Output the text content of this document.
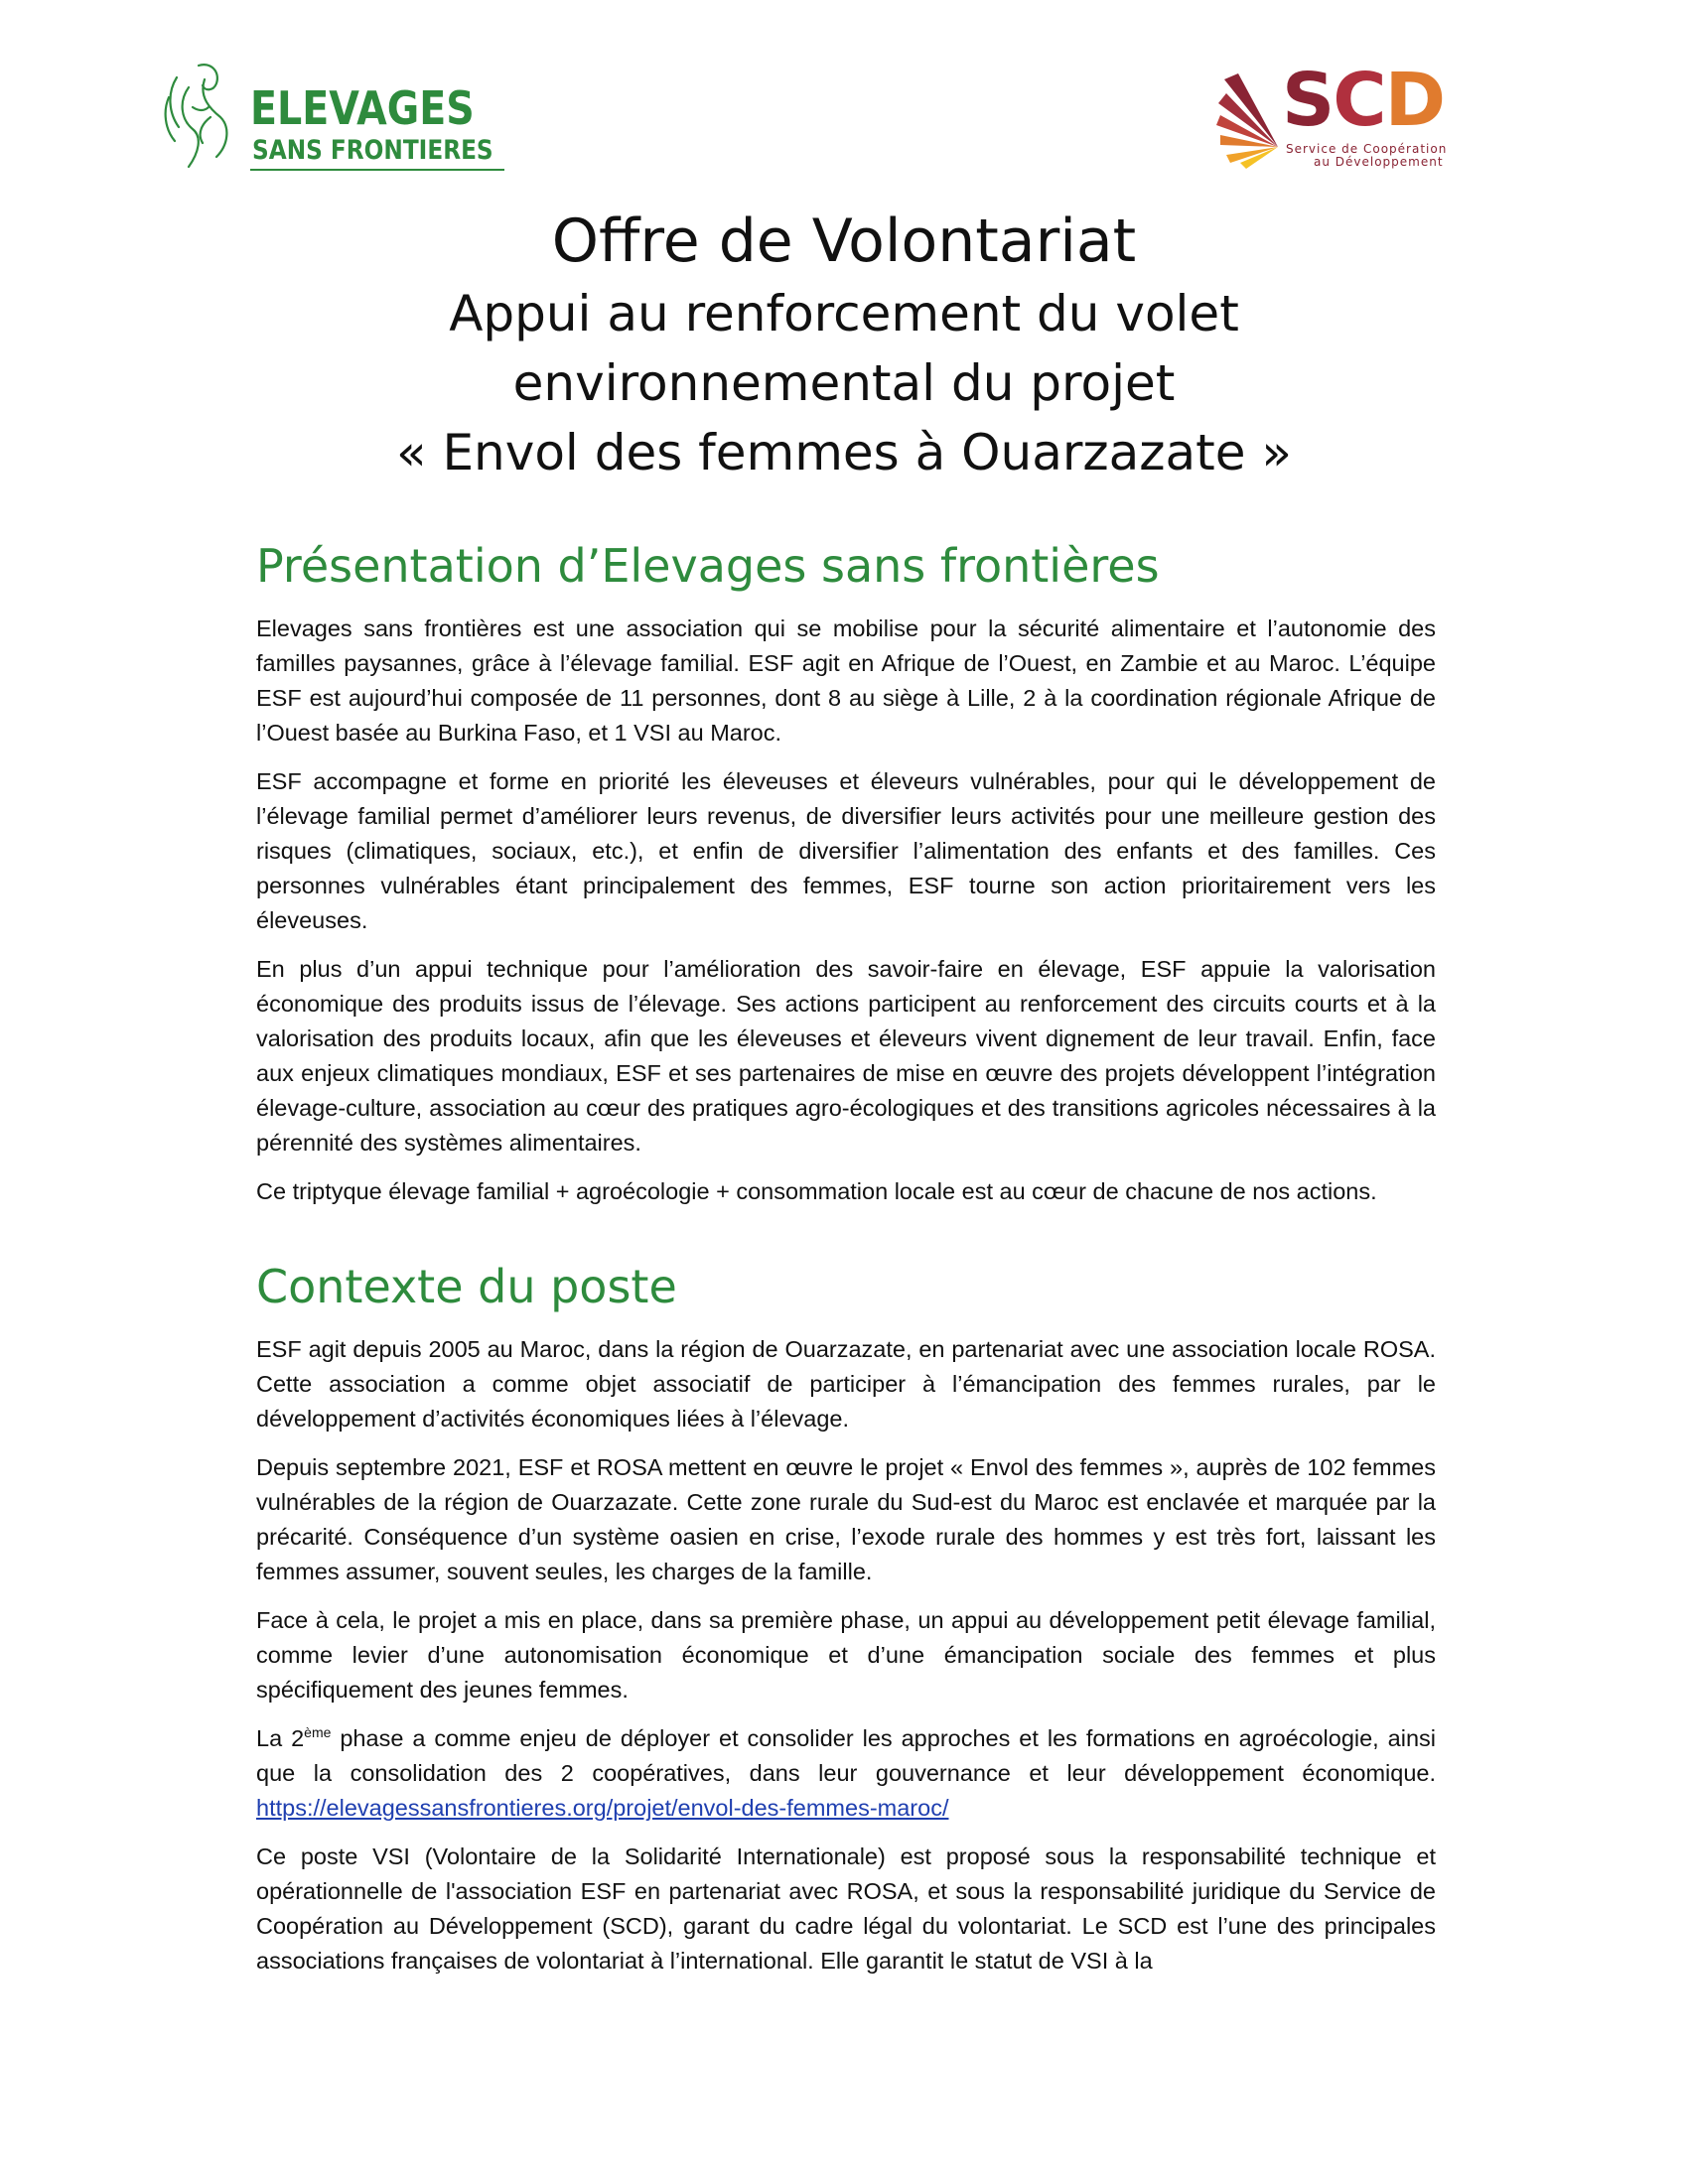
ELEVAGES
SANS FRONTIERES
SCD
Service de Coopération
au Développement
Offre de Volontariat
Appui au renforcement du volet
environnemental du projet
« Envol des femmes à Ouarzazate »
Présentation d’Elevages sans frontières

Elevages sans frontières est une association qui se mobilise pour la sécurité alimentaire et l’autonomie des familles paysannes, grâce à l’élevage familial. ESF agit en Afrique de l’Ouest, en Zambie et au Maroc. L’équipe ESF est aujourd’hui composée de 11 personnes, dont 8 au siège à Lille, 2 à la coordination régionale Afrique de l’Ouest basée au Burkina Faso, et 1 VSI au Maroc.

ESF accompagne et forme en priorité les éleveuses et éleveurs vulnérables, pour qui le développement de l’élevage familial permet d’améliorer leurs revenus, de diversifier leurs activités pour une meilleure gestion des risques (climatiques, sociaux, etc.), et enfin de diversifier l’alimentation des enfants et des familles. Ces personnes vulnérables étant principalement des femmes, ESF tourne son action prioritairement vers les éleveuses.

En plus d’un appui technique pour l’amélioration des savoir-faire en élevage, ESF appuie la valorisation économique des produits issus de l’élevage. Ses actions participent au renforcement des circuits courts et à la valorisation des produits locaux, afin que les éleveuses et éleveurs vivent dignement de leur travail. Enfin, face aux enjeux climatiques mondiaux, ESF et ses partenaires de mise en œuvre des projets développent l’intégration élevage-culture, association au cœur des pratiques agro-écologiques et des transitions agricoles nécessaires à la pérennité des systèmes alimentaires.

Ce triptyque élevage familial + agroécologie + consommation locale est au cœur de chacune de nos actions.

Contexte du poste

ESF agit depuis 2005 au Maroc, dans la région de Ouarzazate, en partenariat avec une association locale ROSA. Cette association a comme objet associatif de participer à l’émancipation des femmes rurales, par le développement d’activités économiques liées à l’élevage.

Depuis septembre 2021, ESF et ROSA mettent en œuvre le projet « Envol des femmes », auprès de 102 femmes vulnérables de la région de Ouarzazate. Cette zone rurale du Sud-est du Maroc est enclavée et marquée par la précarité. Conséquence d’un système oasien en crise, l’exode rurale des hommes y est très fort, laissant les femmes assumer, souvent seules, les charges de la famille.

Face à cela, le projet a mis en place, dans sa première phase, un appui au développement petit élevage familial, comme levier d’une autonomisation économique et d’une émancipation sociale des femmes et plus spécifiquement des jeunes femmes.

La 2ème phase a comme enjeu de déployer et consolider les approches et les formations en agroécologie, ainsi que la consolidation des 2 coopératives, dans leur gouvernance et leur développement économique. https://elevagessansfrontieres.org/projet/envol-des-femmes-maroc/

Ce poste VSI (Volontaire de la Solidarité Internationale) est proposé sous la responsabilité technique et opérationnelle de l'association ESF en partenariat avec ROSA, et sous la responsabilité juridique du Service de Coopération au Développement (SCD), garant du cadre légal du volontariat. Le SCD est l’une des principales associations françaises de volontariat à l’international. Elle garantit le statut de VSI à la
